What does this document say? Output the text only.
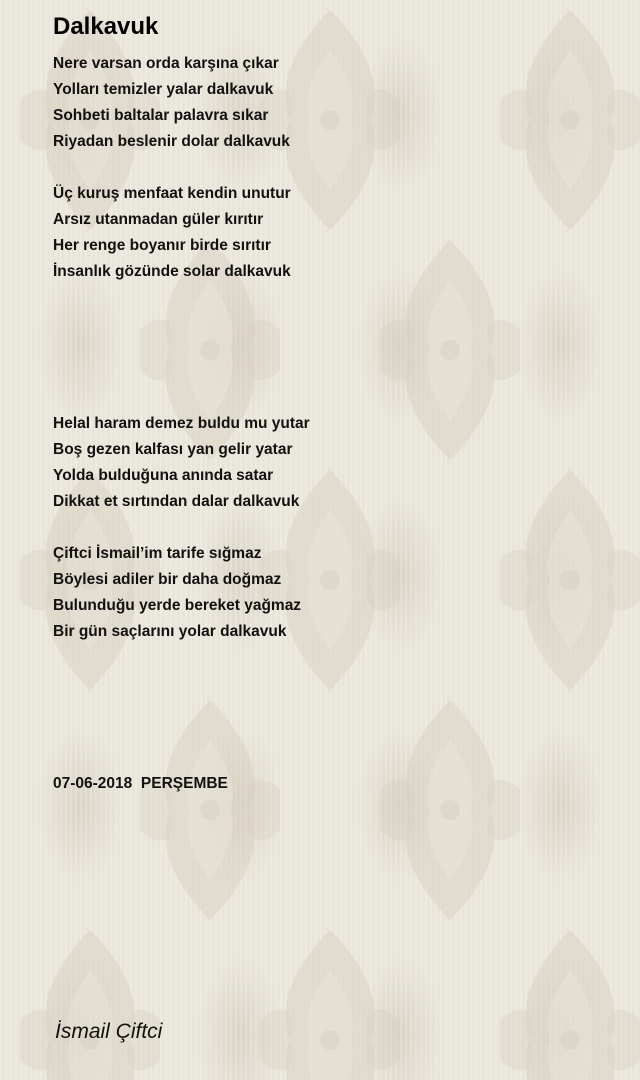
Dalkavuk
Nere varsan orda karşına çıkar
Yolları temizler yalar dalkavuk
Sohbeti baltalar palavra sıkar
Riyadan beslenir dolar dalkavuk
Üç kuruş menfaat kendin unutur
Arsız utanmadan güler kırıtır
Her renge boyanır birde sırıtır
İnsanlık gözünde solar dalkavuk
Helal haram demez buldu mu yutar
Boş gezen kalfası yan gelir yatar
Yolda bulduğuna anında satar
Dikkat et sırtından dalar dalkavuk
Çiftci İsmail’im tarife sığmaz
Böylesi adiler bir daha doğmaz
Bulunduğu yerde bereket yağmaz
Bir gün saçlarını yolar dalkavuk
07-06-2018  PERŞEMBE
İsmail Çiftci
